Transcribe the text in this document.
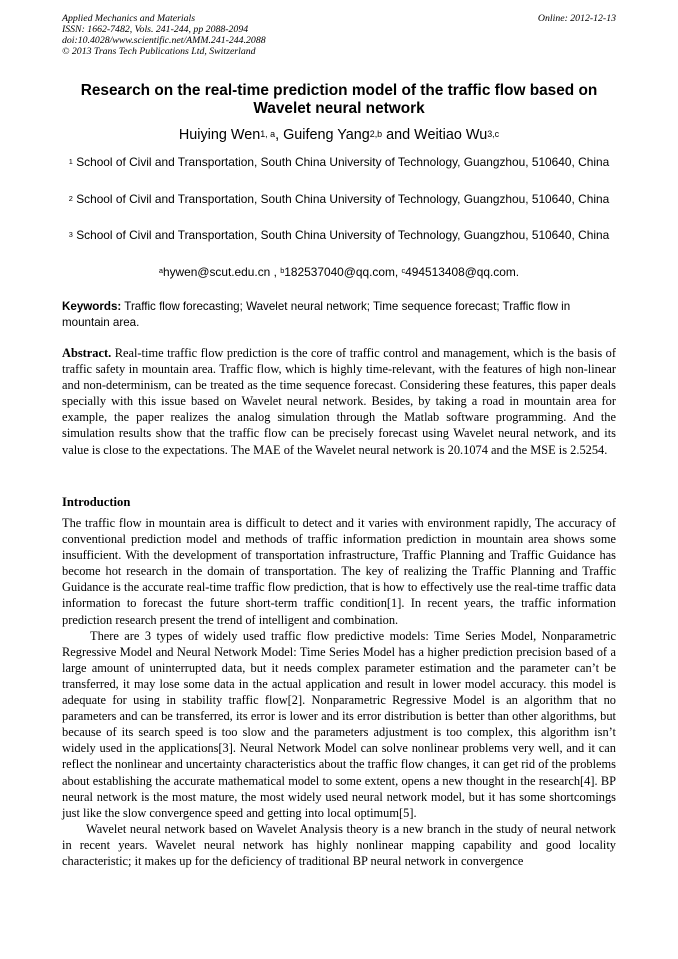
Applied Mechanics and Materials
ISSN: 1662-7482, Vols. 241-244, pp 2088-2094
doi:10.4028/www.scientific.net/AMM.241-244.2088
© 2013 Trans Tech Publications Ltd, Switzerland
Online: 2012-12-13
Research on the real-time prediction model of the traffic flow based on Wavelet neural network
Huiying Wen$^{1, a}$, Guifeng Yang$^{2,b}$ and Weitiao Wu$^{3,c}$
$^1$ School of Civil and Transportation, South China University of Technology, Guangzhou, 510640, China
$^2$ School of Civil and Transportation, South China University of Technology, Guangzhou, 510640, China
$^3$ School of Civil and Transportation, South China University of Technology, Guangzhou, 510640, China
$^a$hywen@scut.edu.cn , $^b$182537040@qq.com, $^c$494513408@qq.com.
Keywords: Traffic flow forecasting; Wavelet neural network; Time sequence forecast; Traffic flow in mountain area.
Abstract. Real-time traffic flow prediction is the core of traffic control and management, which is the basis of traffic safety in mountain area. Traffic flow, which is highly time-relevant, with the features of high non-linear and non-determinism, can be treated as the time sequence forecast. Considering these features, this paper deals specially with this issue based on Wavelet neural network. Besides, by taking a road in mountain area for example, the paper realizes the analog simulation through the Matlab software programming. And the simulation results show that the traffic flow can be precisely forecast using Wavelet neural network, and its value is close to the expectations. The MAE of the Wavelet neural network is 20.1074 and the MSE is 2.5254.
Introduction

The traffic flow in mountain area is difficult to detect and it varies with environment rapidly, The accuracy of conventional prediction model and methods of traffic information prediction in mountain area shows some insufficient. With the development of transportation infrastructure, Traffic Planning and Traffic Guidance has become hot research in the domain of transportation. The key of realizing the Traffic Planning and Traffic Guidance is the accurate real-time traffic flow prediction, that is how to effectively use the real-time traffic data information to forecast the future short-term traffic condition[1]. In recent years, the traffic information prediction research present the trend of intelligent and combination.

There are 3 types of widely used traffic flow predictive models: Time Series Model, Nonparametric Regressive Model and Neural Network Model: Time Series Model has a higher prediction precision based of a large amount of uninterrupted data, but it needs complex parameter estimation and the parameter can’t be transferred, it may lose some data in the actual application and result in lower model accuracy. this model is adequate for using in stability traffic flow[2]. Nonparametric Regressive Model is an algorithm that no parameters and can be transferred, its error is lower and its error distribution is better than other algorithms, but because of its search speed is too slow and the parameters adjustment is too complex, this algorithm isn’t widely used in the applications[3]. Neural Network Model can solve nonlinear problems very well, and it can reflect the nonlinear and uncertainty characteristics about the traffic flow changes, it can get rid of the problems about establishing the accurate mathematical model to some extent, opens a new thought in the research[4]. BP neural network is the most mature, the most widely used neural network model, but it has some shortcomings just like the slow convergence speed and getting into local optimum[5].

Wavelet neural network based on Wavelet Analysis theory is a new branch in the study of neural network in recent years. Wavelet neural network has highly nonlinear mapping capability and good locality characteristic; it makes up for the deficiency of traditional BP neural network in convergence
